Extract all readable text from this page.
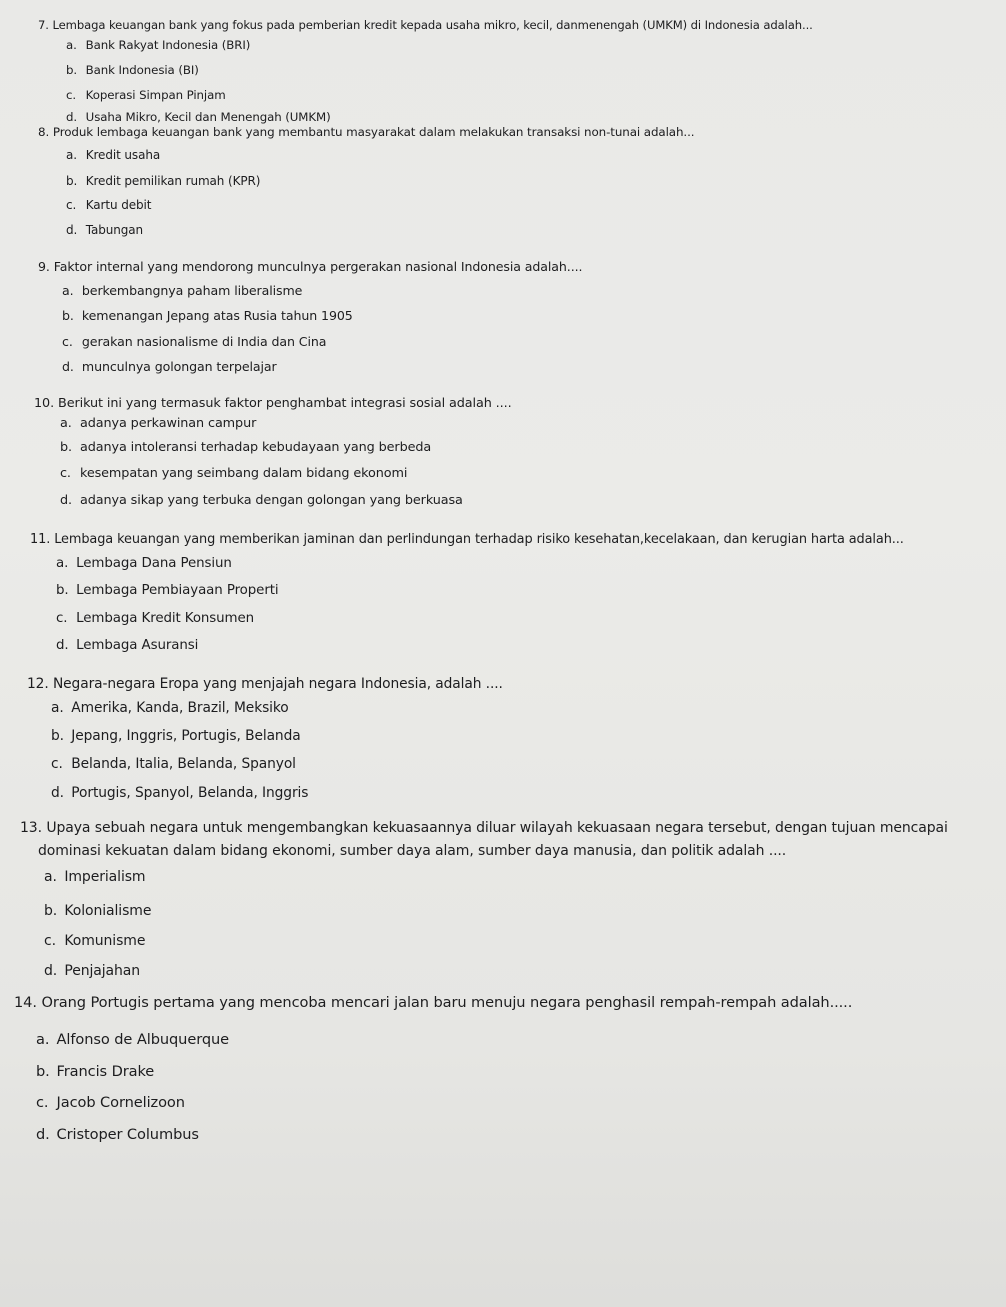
7. Lembaga keuangan bank yang fokus pada pemberian kredit kepada usaha mikro, kecil, danmenengah (UMKM) di Indonesia adalah...
a. Bank Rakyat Indonesia (BRI)
b. Bank Indonesia (BI)
c. Koperasi Simpan Pinjam
d. Usaha Mikro, Kecil dan Menengah (UMKM)
8. Produk lembaga keuangan bank yang membantu masyarakat dalam melakukan transaksi non-tunai adalah...
a. Kredit usaha
b. Kredit pemilikan rumah (KPR)
c. Kartu debit
d. Tabungan
9. Faktor internal yang mendorong munculnya pergerakan nasional Indonesia adalah....
a. berkembangnya paham liberalisme
b. kemenangan Jepang atas Rusia tahun 1905
c. gerakan nasionalisme di India dan Cina
d. munculnya golongan terpelajar
10. Berikut ini yang termasuk faktor penghambat integrasi sosial adalah ....
a. adanya perkawinan campur
b. adanya intoleransi terhadap kebudayaan yang berbeda
c. kesempatan yang seimbang dalam bidang ekonomi
d. adanya sikap yang terbuka dengan golongan yang berkuasa
11. Lembaga keuangan yang memberikan jaminan dan perlindungan terhadap risiko kesehatan,kecelakaan, dan kerugian harta adalah...
a. Lembaga Dana Pensiun
b. Lembaga Pembiayaan Properti
c. Lembaga Kredit Konsumen
d. Lembaga Asuransi
12. Negara-negara Eropa yang menjajah negara Indonesia, adalah ....
a. Amerika, Kanda, Brazil, Meksiko
b. Jepang, Inggris, Portugis, Belanda
c. Belanda, Italia, Belanda, Spanyol
d. Portugis, Spanyol, Belanda, Inggris
13. Upaya sebuah negara untuk mengembangkan kekuasaannya diluar wilayah kekuasaan negara tersebut, dengan tujuan mencapai dominasi kekuatan dalam bidang ekonomi, sumber daya alam, sumber daya manusia, dan politik adalah ....
a. Imperialism
b. Kolonialisme
c. Komunisme
d. Penjajahan
14. Orang Portugis pertama yang mencoba mencari jalan baru menuju negara penghasil rempah-rempah adalah.....
a. Alfonso de Albuquerque
b. Francis Drake
c. Jacob Cornelizoon
d. Cristoper Columbus
